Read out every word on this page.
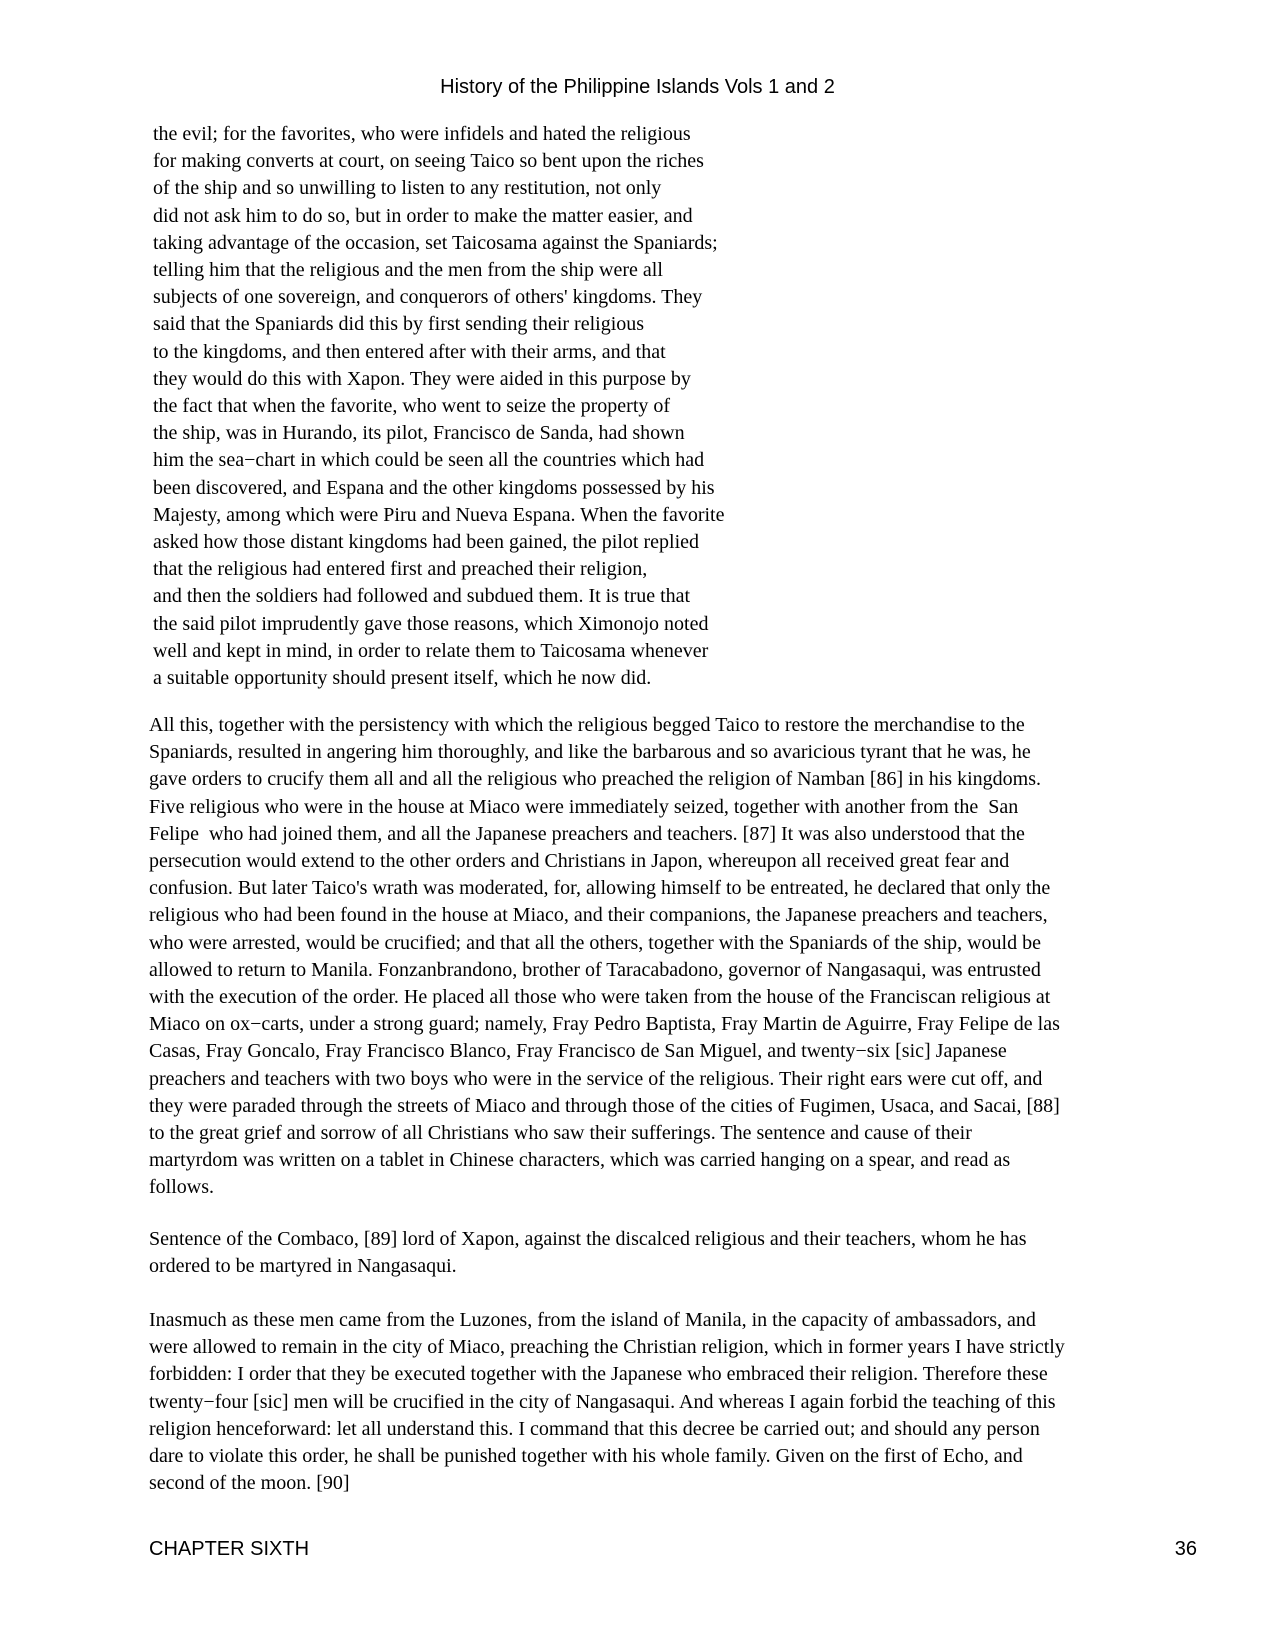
History of the Philippine Islands Vols 1 and 2
the evil; for the favorites, who were infidels and hated the religious
for making converts at court, on seeing Taico so bent upon the riches
of the ship and so unwilling to listen to any restitution, not only
did not ask him to do so, but in order to make the matter easier, and
taking advantage of the occasion, set Taicosama against the Spaniards;
telling him that the religious and the men from the ship were all
subjects of one sovereign, and conquerors of others' kingdoms. They
said that the Spaniards did this by first sending their religious
to the kingdoms, and then entered after with their arms, and that
they would do this with Xapon. They were aided in this purpose by
the fact that when the favorite, who went to seize the property of
the ship, was in Hurando, its pilot, Francisco de Sanda, had shown
him the sea−chart in which could be seen all the countries which had
been discovered, and Espana and the other kingdoms possessed by his
Majesty, among which were Piru and Nueva Espana. When the favorite
asked how those distant kingdoms had been gained, the pilot replied
that the religious had entered first and preached their religion,
and then the soldiers had followed and subdued them. It is true that
the said pilot imprudently gave those reasons, which Ximonojo noted
well and kept in mind, in order to relate them to Taicosama whenever
a suitable opportunity should present itself, which he now did.
All this, together with the persistency with which the religious begged Taico to restore the merchandise to the
Spaniards, resulted in angering him thoroughly, and like the barbarous and so avaricious tyrant that he was, he
gave orders to crucify them all and all the religious who preached the religion of Namban [86] in his kingdoms.
Five religious who were in the house at Miaco were immediately seized, together with another from the  San
Felipe  who had joined them, and all the Japanese preachers and teachers. [87] It was also understood that the
persecution would extend to the other orders and Christians in Japon, whereupon all received great fear and
confusion. But later Taico's wrath was moderated, for, allowing himself to be entreated, he declared that only the
religious who had been found in the house at Miaco, and their companions, the Japanese preachers and teachers,
who were arrested, would be crucified; and that all the others, together with the Spaniards of the ship, would be
allowed to return to Manila. Fonzanbrandono, brother of Taracabadono, governor of Nangasaqui, was entrusted
with the execution of the order. He placed all those who were taken from the house of the Franciscan religious at
Miaco on ox−carts, under a strong guard; namely, Fray Pedro Baptista, Fray Martin de Aguirre, Fray Felipe de las
Casas, Fray Goncalo, Fray Francisco Blanco, Fray Francisco de San Miguel, and twenty−six [sic] Japanese
preachers and teachers with two boys who were in the service of the religious. Their right ears were cut off, and
they were paraded through the streets of Miaco and through those of the cities of Fugimen, Usaca, and Sacai, [88]
to the great grief and sorrow of all Christians who saw their sufferings. The sentence and cause of their
martyrdom was written on a tablet in Chinese characters, which was carried hanging on a spear, and read as
follows.
Sentence of the Combaco, [89] lord of Xapon, against the discalced religious and their teachers, whom he has
ordered to be martyred in Nangasaqui.
Inasmuch as these men came from the Luzones, from the island of Manila, in the capacity of ambassadors, and
were allowed to remain in the city of Miaco, preaching the Christian religion, which in former years I have strictly
forbidden: I order that they be executed together with the Japanese who embraced their religion. Therefore these
twenty−four [sic] men will be crucified in the city of Nangasaqui. And whereas I again forbid the teaching of this
religion henceforward: let all understand this. I command that this decree be carried out; and should any person
dare to violate this order, he shall be punished together with his whole family. Given on the first of Echo, and
second of the moon. [90]
CHAPTER SIXTH	36
